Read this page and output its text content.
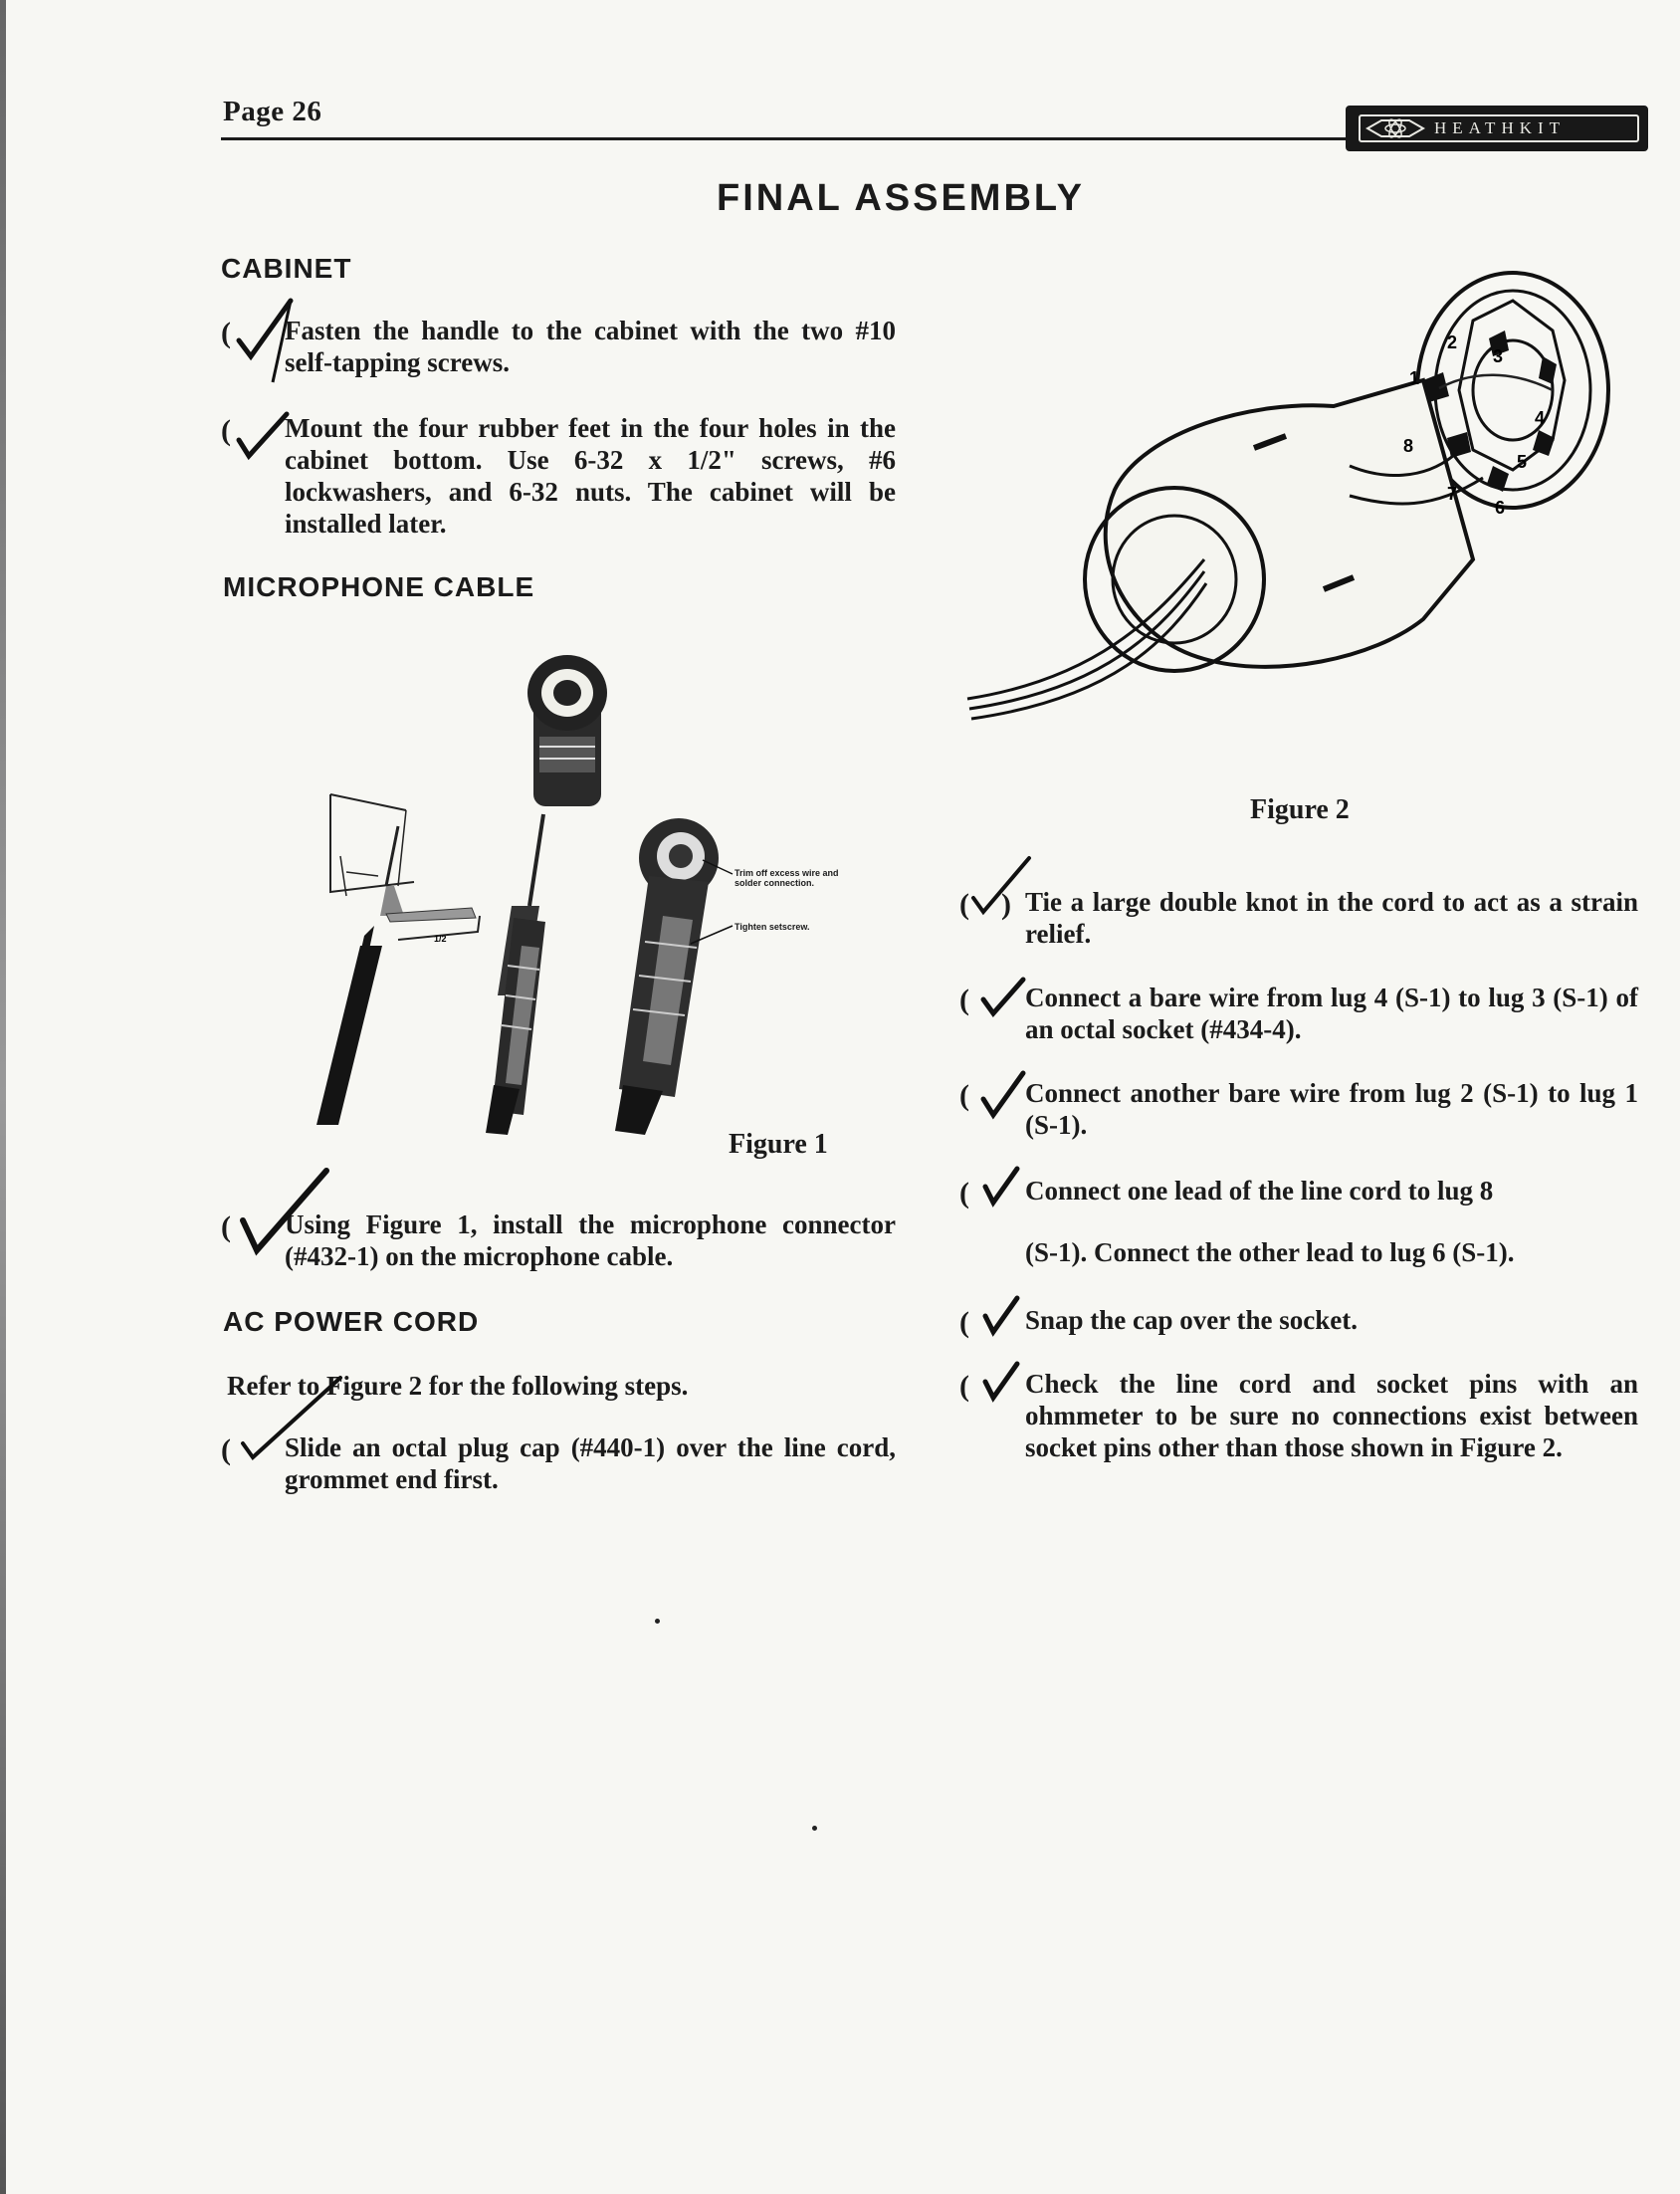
Page 26
HEATHKIT
FINAL ASSEMBLY
CABINET
( Fasten the handle to the cabinet with the two #10 self-tapping screws.
( Mount the four rubber feet in the four holes in the cabinet bottom. Use 6-32 x 1/2" screws, #6 lockwashers, and 6-32 nuts. The cabinet will be installed later.
MICROPHONE CABLE
1/2
Trim off excess wire and solder connection.
Tighten setscrew.
Figure 1
( Using Figure 1, install the microphone connector (#432-1) on the microphone cable.
AC POWER CORD
Refer to Figure 2 for the following steps.
( Slide an octal plug cap (#440-1) over the line cord, grommet end first.
1
2
3
4
5
6
7
8
Figure 2
( ) Tie a large double knot in the cord to act as a strain relief.
( Connect a bare wire from lug 4 (S-1) to lug 3 (S-1) of an octal socket (#434-4).
( Connect another bare wire from lug 2 (S-1) to lug 1 (S-1).
( Connect one lead of the line cord to lug 8
(S-1). Connect the other lead to lug 6 (S-1).
( Snap the cap over the socket.
( Check the line cord and socket pins with an ohmmeter to be sure no connections exist between socket pins other than those shown in Figure 2.
